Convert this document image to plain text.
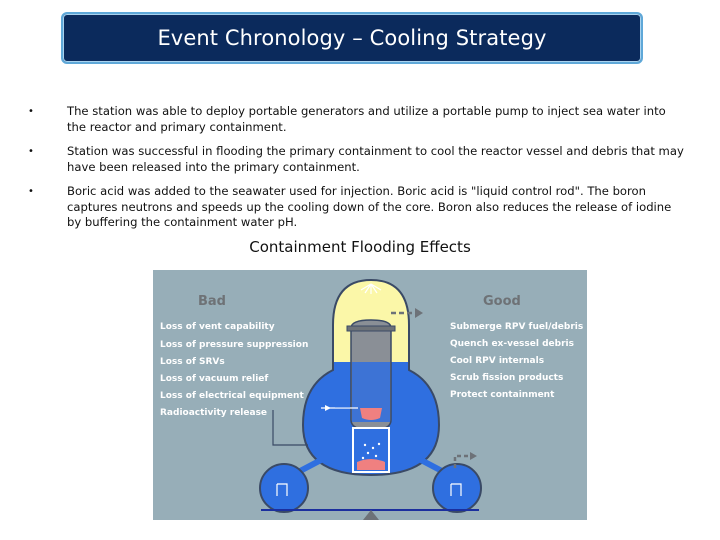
Event Chronology – Cooling Strategy
• The station was able to deploy portable generators and utilize a portable pump to inject sea water into the reactor and primary containment.
• Station was successful in flooding the primary containment to cool the reactor vessel and debris that may have been released into the primary containment.
• Boric acid was added to the seawater used for injection. Boric acid is "liquid control rod". The boron captures neutrons and speeds up the cooling down of the core. Boron also reduces the release of iodine by buffering the containment water pH.
Containment Flooding Effects
Bad	Good
Loss of vent capability
Loss of pressure suppression
Loss of SRVs
Loss of vacuum relief
Loss of electrical equipment
Radioactivity release
Submerge RPV fuel/debris
Quench ex-vessel debris
Cool RPV internals
Scrub fission products
Protect containment
